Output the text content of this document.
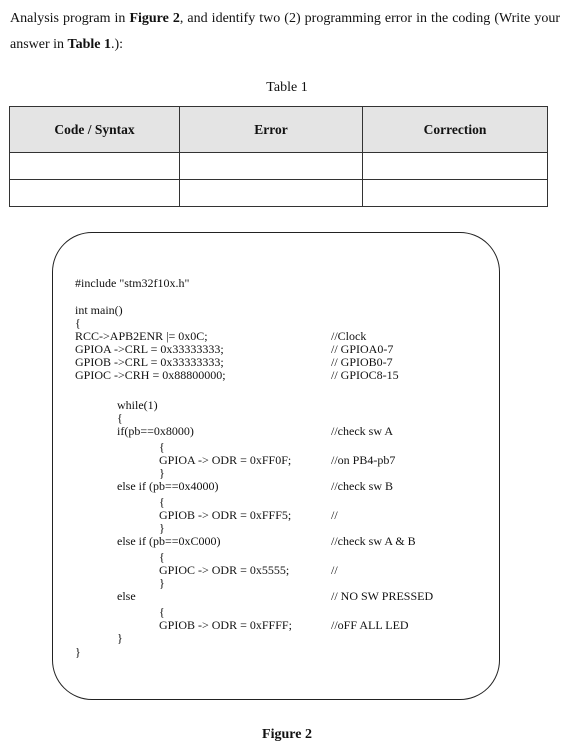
Analysis program in Figure 2, and identify two (2) programming error in the coding (Write your answer in Table 1.):
Table 1
Code / Syntax	Error	Correction

#include "stm32f10x.h"
int main()
{
RCC->APB2ENR |= 0x0C;
GPIOA ->CRL = 0x33333333;
GPIOB ->CRL = 0x33333333;
GPIOC ->CRH = 0x88800000;
while(1)
{
if(pb==0x8000)
{
GPIOA -> ODR = 0xFF0F;
}
else if (pb==0x4000)
{
GPIOB -> ODR = 0xFFF5;
}
else if (pb==0xC000)
{
GPIOC -> ODR = 0x5555;
}
else
{
GPIOB -> ODR = 0xFFFF;
}
}
//Clock
// GPIOA0-7
// GPIOB0-7
// GPIOC8-15
//check sw A
//on PB4-pb7
//check sw B
//
//check sw A & B
//
// NO SW PRESSED
//oFF ALL LED
Figure 2
